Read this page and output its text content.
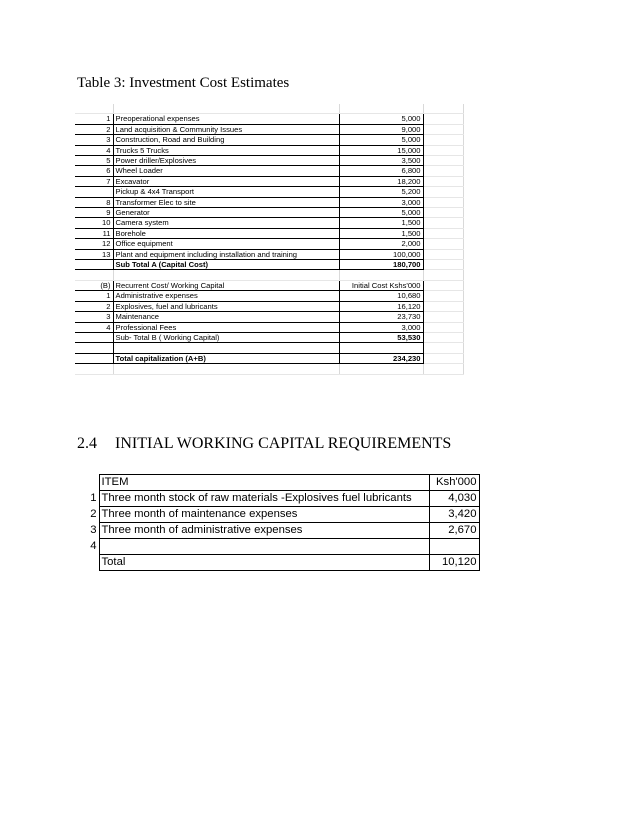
Table 3: Investment Cost Estimates

1	Preoperational expenses	5,000	
2	Land acquisition & Community Issues	9,000	
3	Construction, Road and Building	5,000	
4	Trucks 5 Trucks	15,000	
5	Power driller/Explosives	3,500	
6	Wheel Loader	6,800	
7	Excavator	18,200	
	Pickup & 4x4 Transport	5,200	
8	Transformer Elec to site	3,000	
9	Generator	5,000	
10	Camera system	1,500	
11	Borehole	1,500	
12	Office equipment	2,000	
13	Plant and equipment including installation and training	100,000	
	Sub Total A (Capital Cost)	180,700	

(B)	Recurrent Cost/ Working Capital	Initial Cost Kshs'000	
1	Administrative expenses	10,680	
2	Explosives, fuel and lubricants	16,120	
3	Maintenance	23,730	
4	Professional Fees	3,000	
	Sub- Total B ( Working Capital)	53,530	

	Total capitalization (A+B)	234,230	

2.4 INITIAL WORKING CAPITAL REQUIREMENTS
	ITEM	Ksh'000
1	Three month stock of raw materials -Explosives fuel lubricants	4,030
2	Three month of maintenance expenses	3,420
3	Three month of administrative expenses	2,670
4		
	Total	10,120
